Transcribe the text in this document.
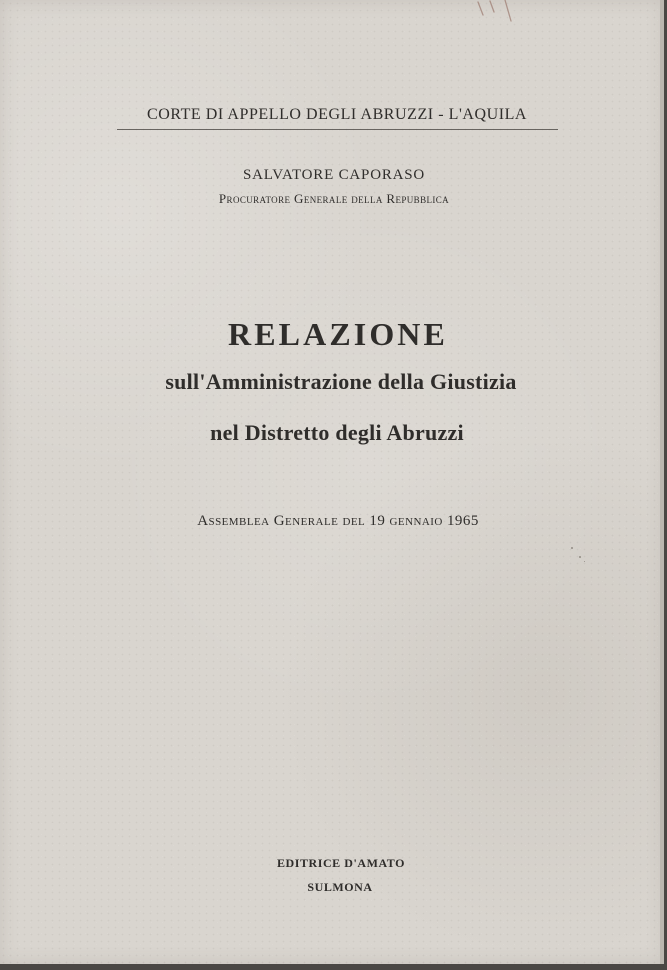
CORTE DI APPELLO DEGLI ABRUZZI - L'AQUILA
SALVATORE CAPORASO
Procuratore Generale della Repubblica
RELAZIONE
sull'Amministrazione della Giustizia
nel Distretto degli Abruzzi
Assemblea Generale del 19 gennaio 1965
EDITRICE D'AMATO
SULMONA
